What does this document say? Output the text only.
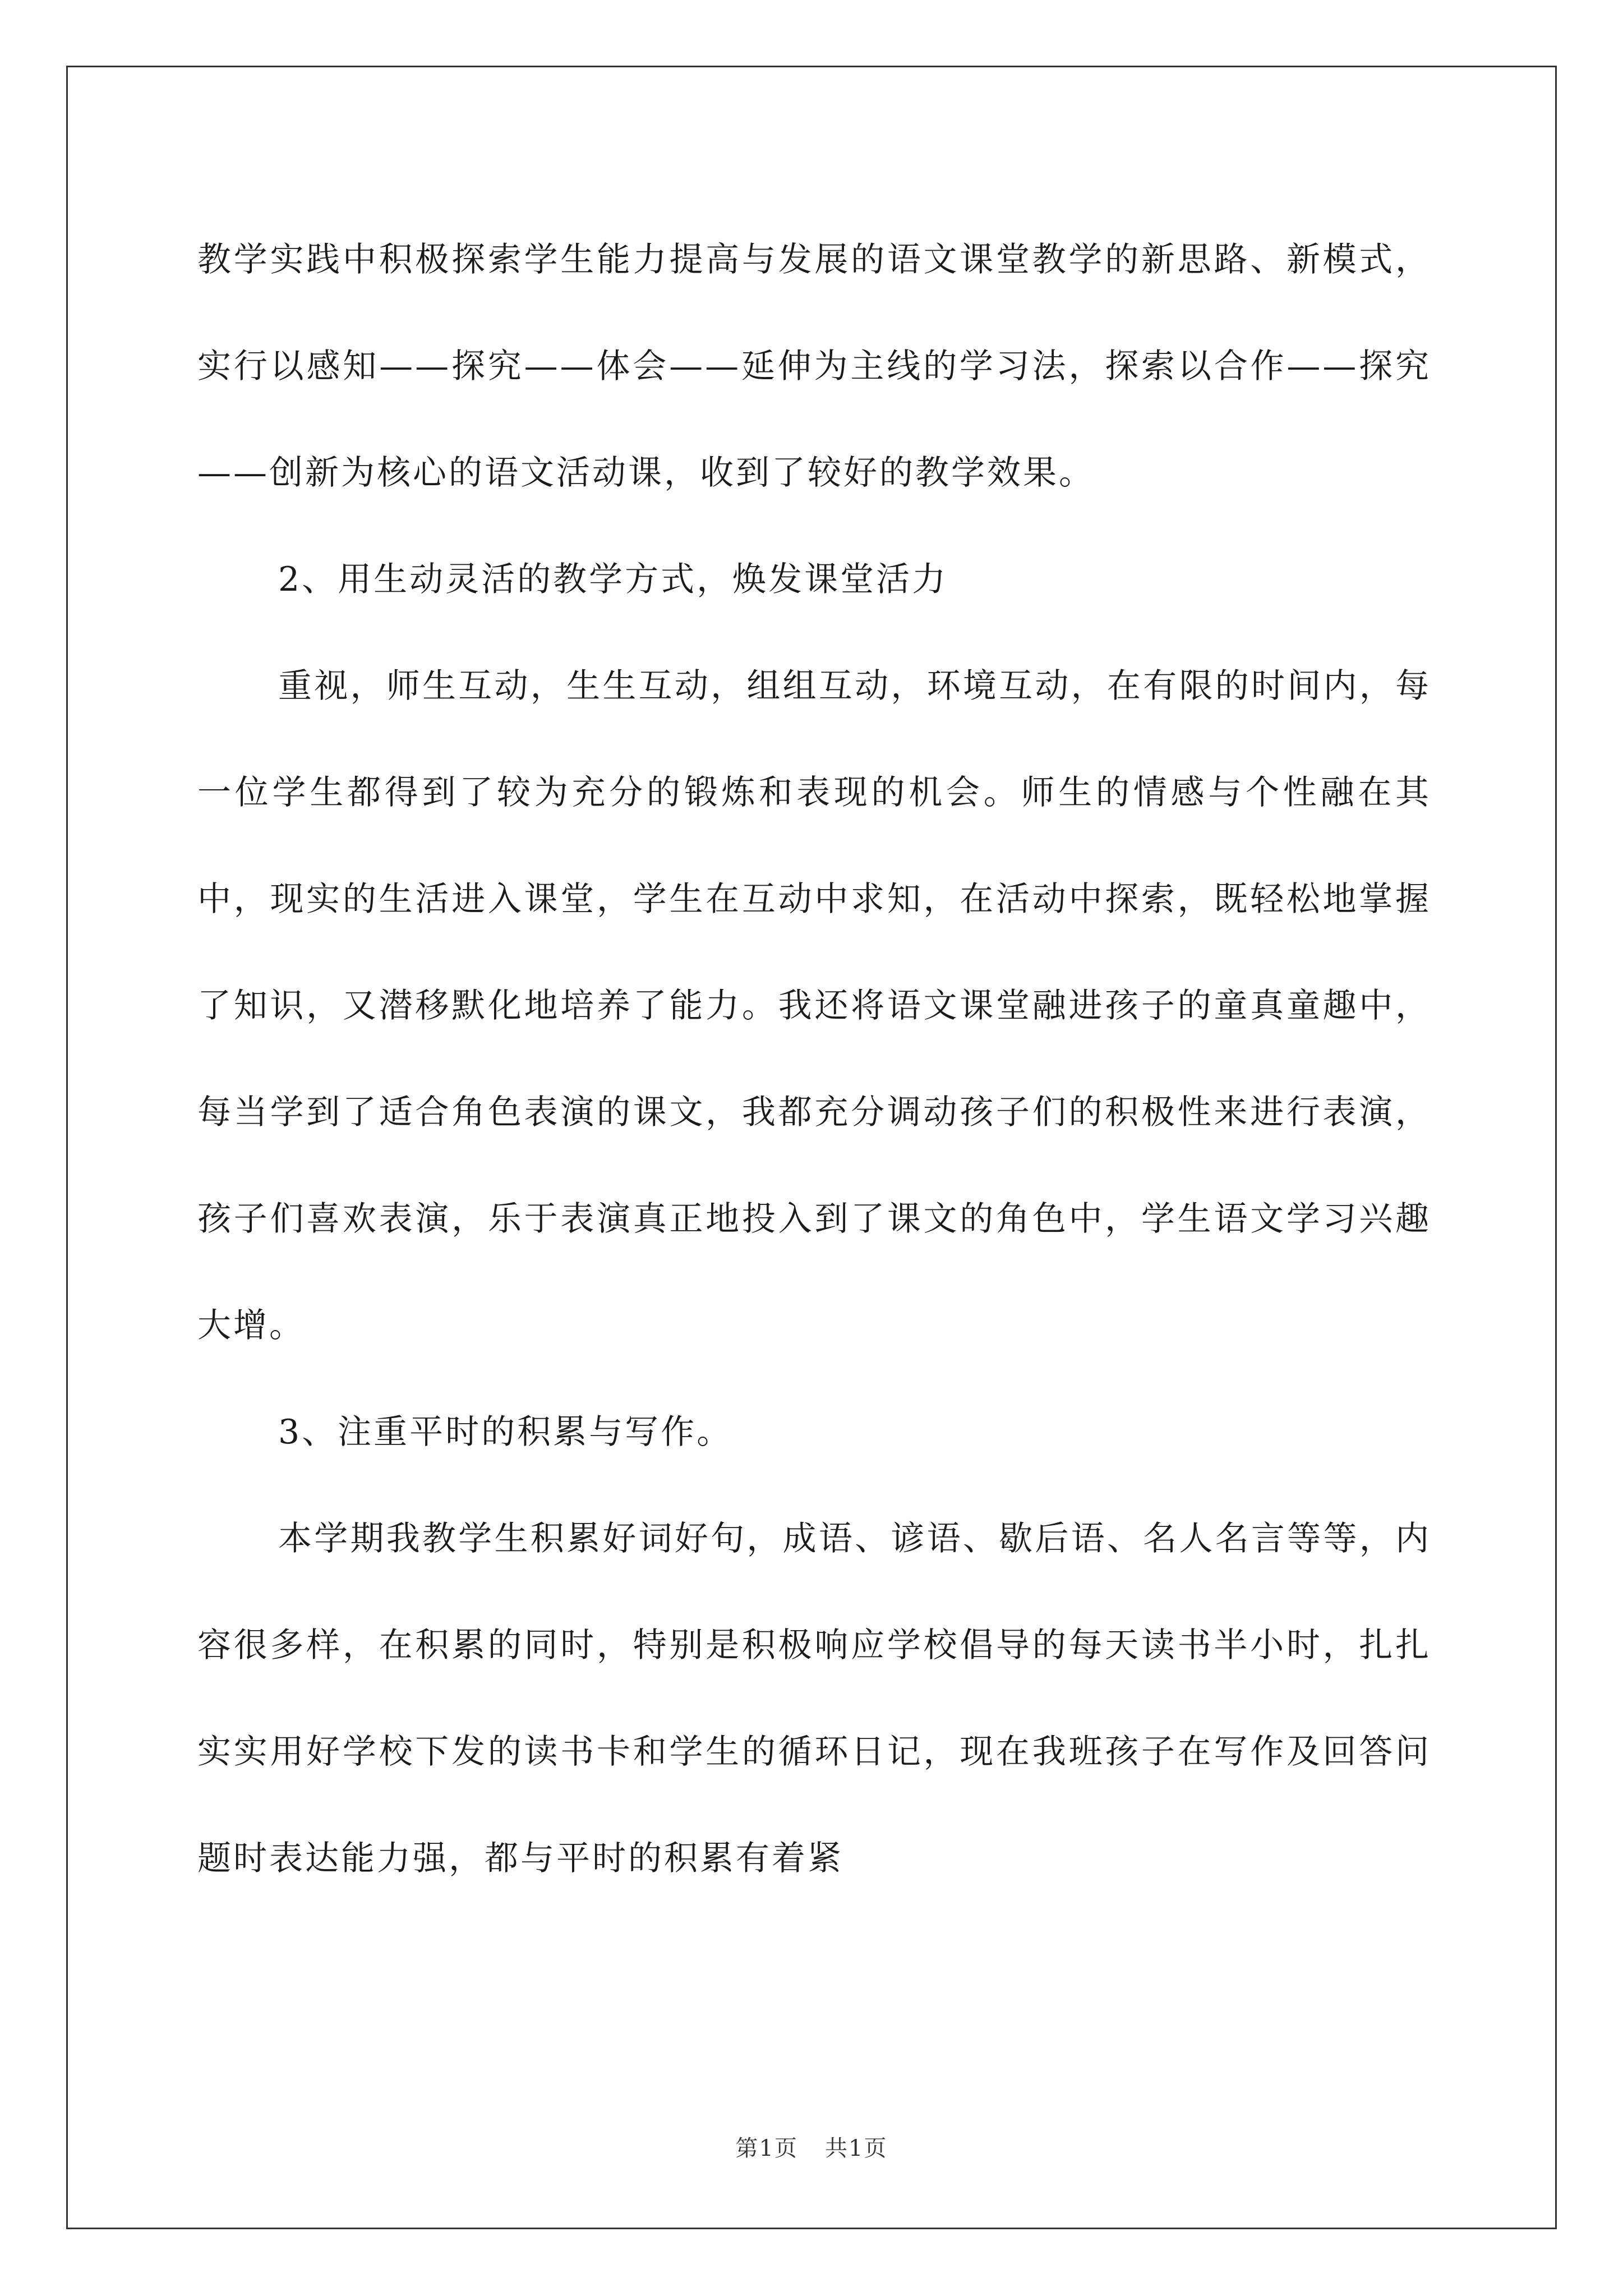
教学实践中积极探索学生能力提高与发展的语文课堂教学的新思路、新模式，实行以感知——探究——体会——延伸为主线的学习法，探索以合作——探究——创新为核心的语文活动课，收到了较好的教学效果。

2、用生动灵活的教学方式，焕发课堂活力

重视，师生互动，生生互动，组组互动，环境互动，在有限的时间内，每一位学生都得到了较为充分的锻炼和表现的机会。师生的情感与个性融在其中，现实的生活进入课堂，学生在互动中求知，在活动中探索，既轻松地掌握了知识，又潜移默化地培养了能力。我还将语文课堂融进孩子的童真童趣中，每当学到了适合角色表演的课文，我都充分调动孩子们的积极性来进行表演，孩子们喜欢表演，乐于表演真正地投入到了课文的角色中，学生语文学习兴趣大增。

3、注重平时的积累与写作。

本学期我教学生积累好词好句，成语、谚语、歇后语、名人名言等等，内容很多样，在积累的同时，特别是积极响应学校倡导的每天读书半小时，扎扎实实用好学校下发的读书卡和学生的循环日记，现在我班孩子在写作及回答问题时表达能力强，都与平时的积累有着紧

第1页 共1页
